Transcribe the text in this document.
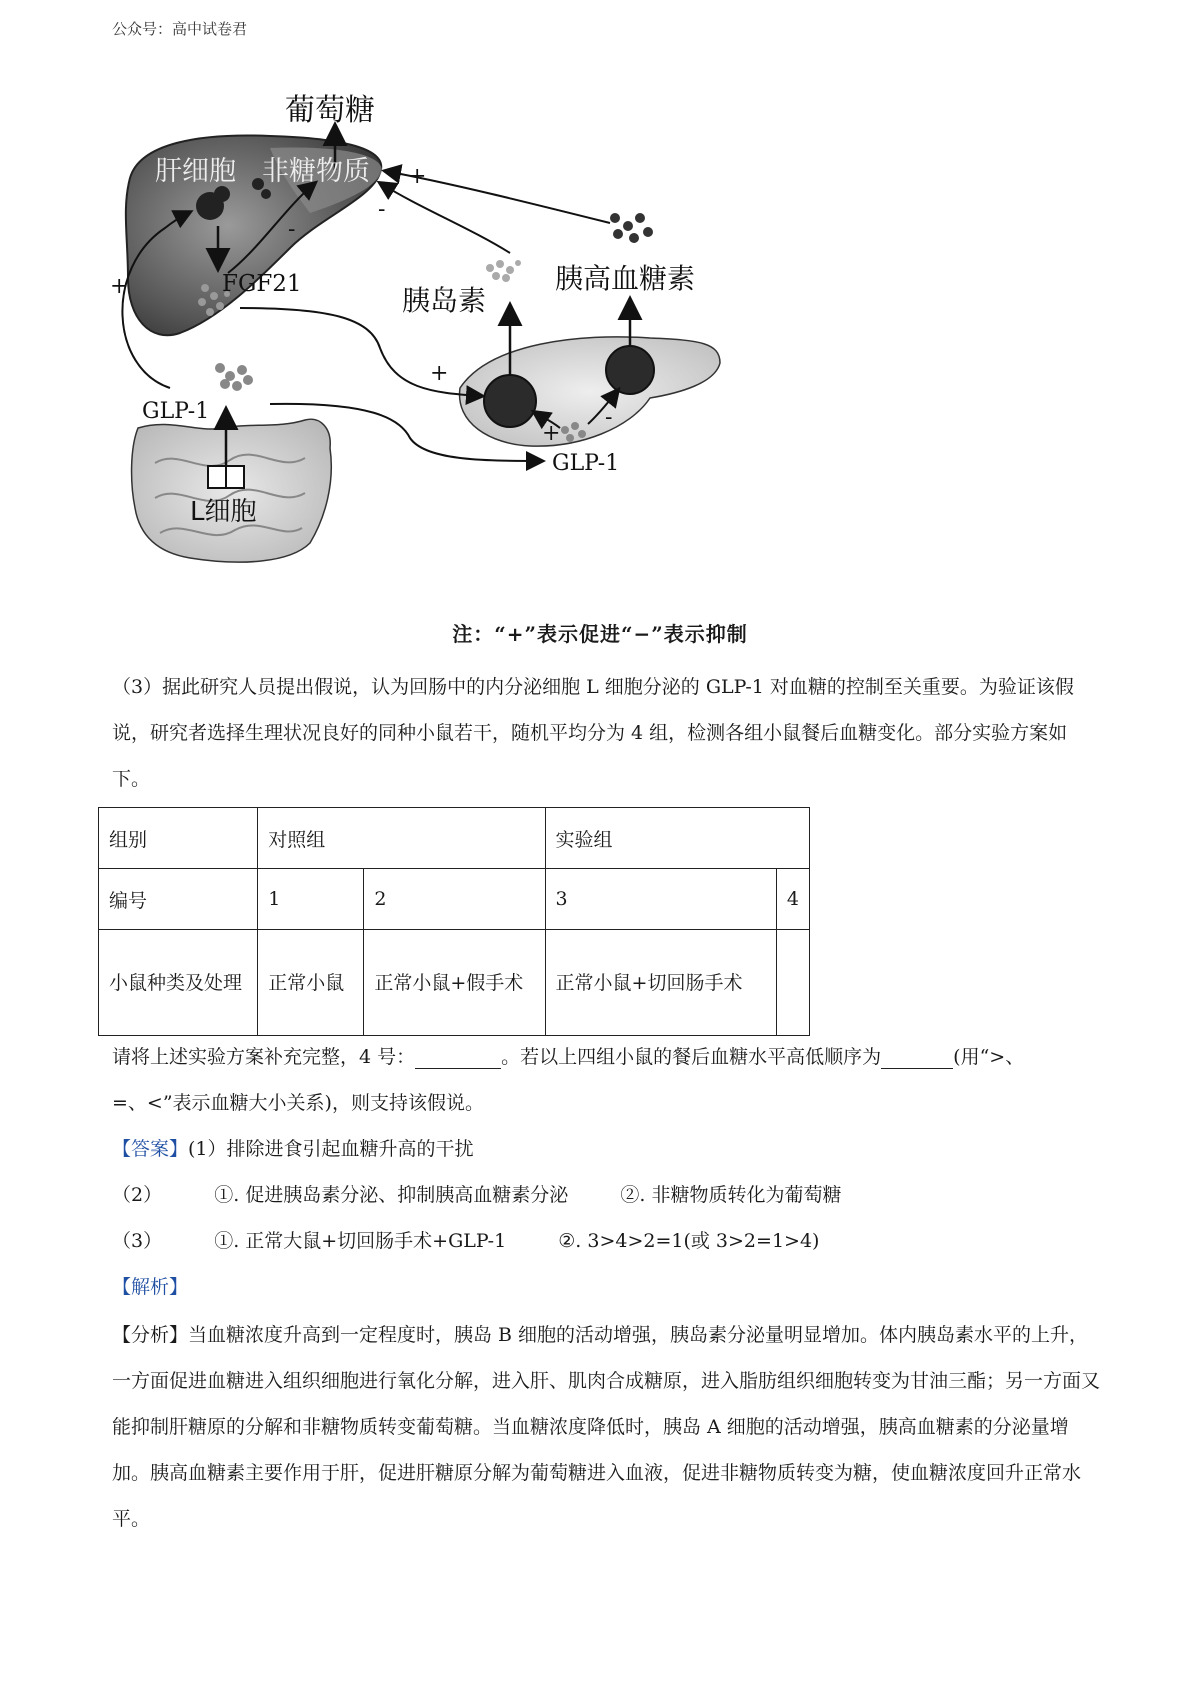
公众号：高中试卷君
葡萄糖
肝细胞 非糖物质
FGF21	胰岛素
胰高血糖素
GLP-1
GLP-1
L细胞
+
-
-
+
+
+
-
注：“+”表示促进“−”表示抑制
（3）据此研究人员提出假说，认为回肠中的内分泌细胞 L 细胞分泌的 GLP-1 对血糖的控制至关重要。为验证该假说，研究者选择生理状况良好的同种小鼠若干，随机平均分为 4 组，检测各组小鼠餐后血糖变化。部分实验方案如下。
组别	对照组		实验组	
编号	1	2	3	4
小鼠种类及处理	正常小鼠	正常小鼠+假手术	正常小鼠+切回肠手术	
请将上述实验方案补充完整，4 号：	。若以上四组小鼠的餐后血糖水平高低顺序为	(用“>、
=、<”表示血糖大小关系)，则支持该假说。
【答案】(1）排除进食引起血糖升高的干扰
（2）	①. 促进胰岛素分泌、抑制胰高血糖素分泌	②. 非糖物质转化为葡萄糖
（3）	①. 正常大鼠+切回肠手术+GLP-1	②. 3>4>2=1(或 3>2=1>4)
【解析】
【分析】当血糖浓度升高到一定程度时，胰岛 B 细胞的活动增强，胰岛素分泌量明显增加。体内胰岛素水平的上升，一方面促进血糖进入组织细胞进行氧化分解，进入肝、肌肉合成糖原，进入脂肪组织细胞转变为甘油三酯；另一方面又能抑制肝糖原的分解和非糖物质转变葡萄糖。当血糖浓度降低时，胰岛 A 细胞的活动增强，胰高血糖素的分泌量增加。胰高血糖素主要作用于肝，促进肝糖原分解为葡萄糖进入血液，促进非糖物质转变为糖，使血糖浓度回升正常水平。
